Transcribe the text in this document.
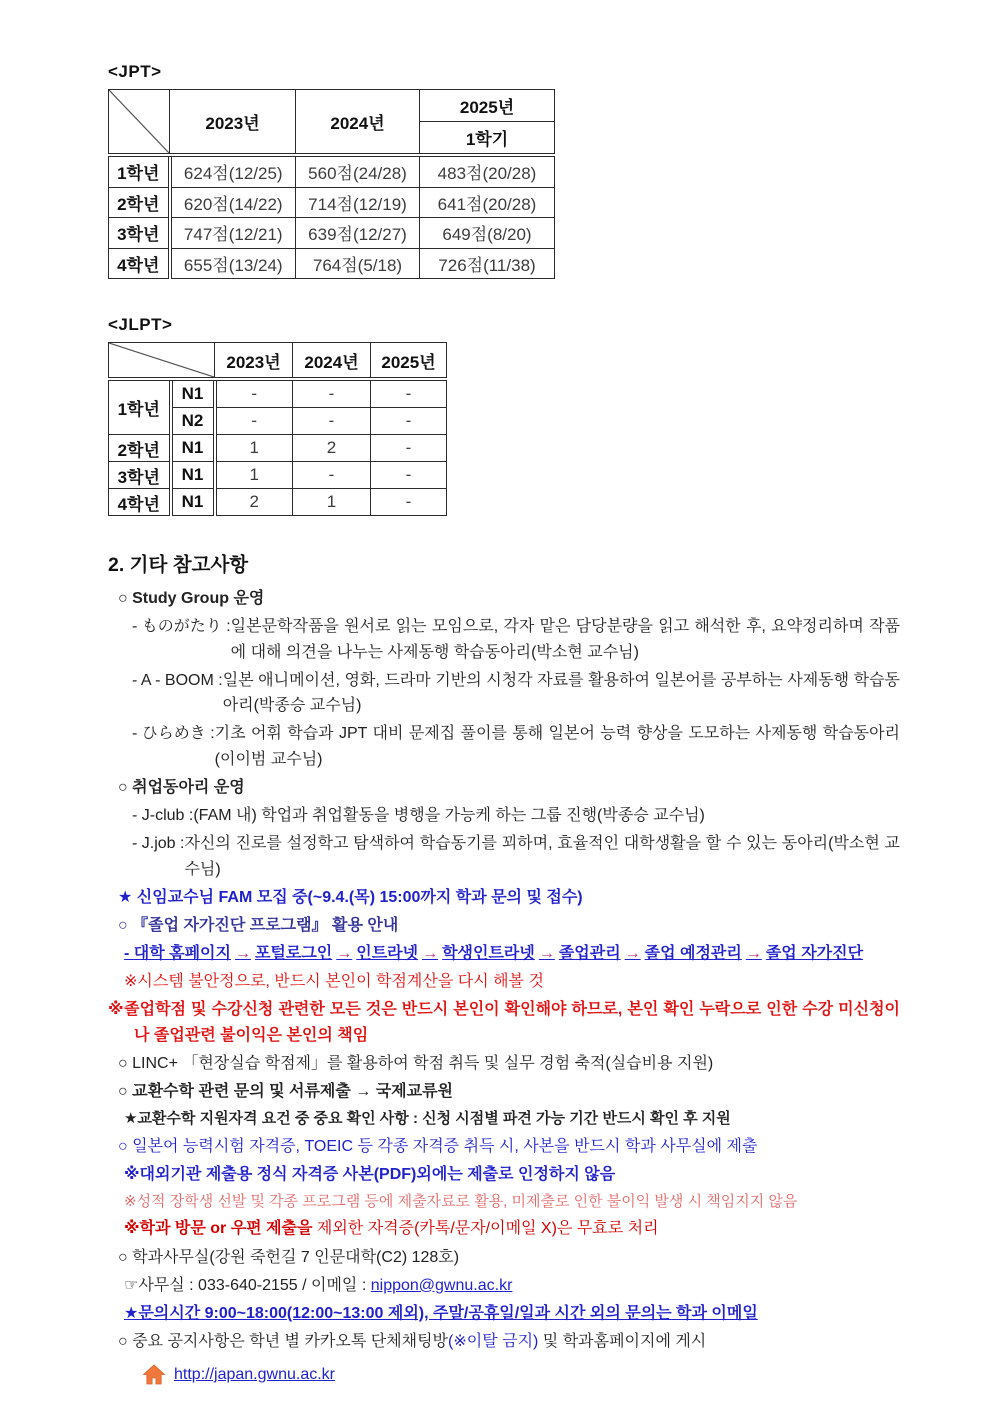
<JPT>
	2023년	2024년	2025년
			1학기
1학년	624점(12/25)	560점(24/28)	483점(20/28)
2학년	620점(14/22)	714점(12/19)	641점(20/28)
3학년	747점(12/21)	639점(12/27)	649점(8/20)
4학년	655점(13/24)	764점(5/18)	726점(11/38)
<JLPT>
	2023년	2024년	2025년
1학년	N1	-	-	-
	N2	-	-	-
2학년	N1	1	2	-
3학년	N1	1	-	-
4학년	N1	2	1	-
2. 기타 참고사항
○ Study Group 운영
- ものがたり : 일본문학작품을 원서로 읽는 모임으로, 각자 맡은 담당분량을 읽고 해석한 후, 요약정리하며 작품에 대해 의견을 나누는 사제동행 학습동아리(박소현 교수님)
- A - BOOM : 일본 애니메이션, 영화, 드라마 기반의 시청각 자료를 활용하여 일본어를 공부하는 사제동행 학습동아리(박종승 교수님)
- ひらめき : 기초 어휘 학습과 JPT 대비 문제집 풀이를 통해 일본어 능력 향상을 도모하는 사제동행 학습동아리(이이범 교수님)
○ 취업동아리 운영
- J-club : (FAM 내) 학업과 취업활동을 병행을 가능케 하는 그룹 진행(박종승 교수님)
- J.job : 자신의 진로를 설정학고 탐색하여 학습동기를 꾀하며, 효율적인 대학생활을 할 수 있는 동아리(박소현 교수님)
★ 신임교수님 FAM 모집 중(~9.4.(목) 15:00까지 학과 문의 및 접수)
○ 『졸업 자가진단 프로그램』 활용 안내
- 대학 홈페이지 → 포털로그인 → 인트라넷 → 학생인트라넷 → 졸업관리 → 졸업 예정관리 → 졸업 자가진단
※시스템 불안정으로, 반드시 본인이 학점계산을 다시 해볼 것
※졸업학점 및 수강신청 관련한 모든 것은 반드시 본인이 확인해야 하므로, 본인 확인 누락으로 인한 수강 미신청이나 졸업관련 불이익은 본인의 책임
○ LINC+ 「현장실습 학점제」를 활용하여 학점 취득 및 실무 경험 축적(실습비용 지원)
○ 교환수학 관련 문의 및 서류제출 → 국제교류원
★교환수학 지원자격 요건 중 중요 확인 사항 : 신청 시점별 파견 가능 기간 반드시 확인 후 지원
○ 일본어 능력시험 자격증, TOEIC 등 각종 자격증 취득 시, 사본을 반드시 학과 사무실에 제출
※대외기관 제출용 정식 자격증 사본(PDF)외에는 제출로 인정하지 않음
※성적 장학생 선발 및 각종 프로그램 등에 제출자료로 활용, 미제출로 인한 불이익 발생 시 책임지지 않음
※학과 방문 or 우편 제출을 제외한 자격증(카톡/문자/이메일 X)은 무효로 처리
○ 학과사무실(강원 죽헌길 7 인문대학(C2) 128호)
☞사무실 : 033-640-2155 / 이메일 : nippon@gwnu.ac.kr
★문의시간 9:00~18:00(12:00~13:00 제외), 주말/공휴일/일과 시간 외의 문의는 학과 이메일
○ 중요 공지사항은 학년 별 카카오톡 단체채팅방(※이탈 금지) 및 학과홈페이지에 게시
http://japan.gwnu.ac.kr
